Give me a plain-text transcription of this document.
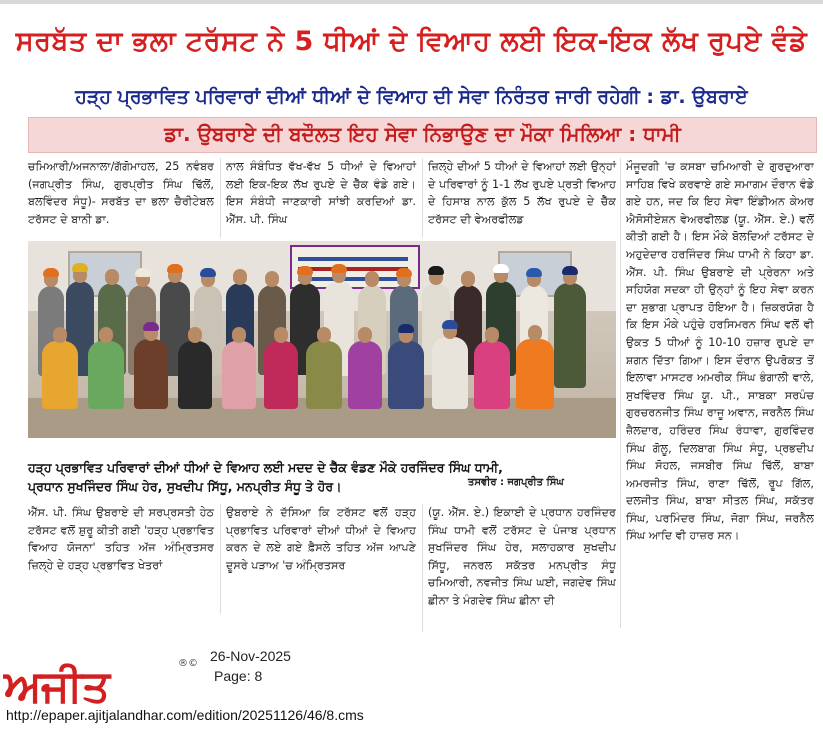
ਸਰਬੱਤ ਦਾ ਭਲਾ ਟਰੱਸਟ ਨੇ 5 ਧੀਆਂ ਦੇ ਵਿਆਹ ਲਈ ਇਕ-ਇਕ ਲੱਖ ਰੁਪਏ ਵੰਡੇ
ਹੜ੍ਹ ਪ੍ਰਭਾਵਿਤ ਪਰਿਵਾਰਾਂ ਦੀਆਂ ਧੀਆਂ ਦੇ ਵਿਆਹ ਦੀ ਸੇਵਾ ਨਿਰੰਤਰ ਜਾਰੀ ਰਹੇਗੀ : ਡਾ. ਉਬਰਾਏ
ਡਾ. ਉਬਰਾਏ ਦੀ ਬਦੌਲਤ ਇਹ ਸੇਵਾ ਨਿਭਾਉਣ ਦਾ ਮੌਕਾ ਮਿਲਿਆ : ਧਾਮੀ

ਚਮਿਆਰੀ/ਅਜਨਾਲਾ/ਗੱਗੋਮਾਹਲ, 25 ਨਵੰਬਰ (ਜਗਪ੍ਰੀਤ ਸਿੰਘ, ਗੁਰਪ੍ਰੀਤ ਸਿੰਘ ਢਿੱਲੋਂ, ਬਲਵਿੰਦਰ ਸੰਧੂ)- ਸਰਬੱਤ ਦਾ ਭਲਾ ਚੈਰੀਟੇਬਲ ਟਰੱਸਟ ਦੇ ਬਾਨੀ ਡਾ.

ਨਾਲ ਸੰਬੰਧਿਤ ਵੱਖ-ਵੱਖ 5 ਧੀਆਂ ਦੇ ਵਿਆਹਾਂ ਲਈ ਇਕ-ਇਕ ਲੱਖ ਰੁਪਏ ਦੇ ਚੈੱਕ ਵੰਡੇ ਗਏ। ਇਸ ਸੰਬੰਧੀ ਜਾਣਕਾਰੀ ਸਾਂਝੀ ਕਰਦਿਆਂ ਡਾ. ਐੱਸ. ਪੀ. ਸਿੰਘ

ਜ਼ਿਲ੍ਹੇ ਦੀਆਂ 5 ਧੀਆਂ ਦੇ ਵਿਆਹਾਂ ਲਈ ਉਨ੍ਹਾਂ ਦੇ ਪਰਿਵਾਰਾਂ ਨੂੰ 1-1 ਲੱਖ ਰੁਪਏ ਪ੍ਰਤੀ ਵਿਆਹ ਦੇ ਹਿਸਾਬ ਨਾਲ ਕੁੱਲ 5 ਲੱਖ ਰੁਪਏ ਦੇ ਚੈੱਕ ਟਰੱਸਟ ਦੀ ਵੇਅਰਫੀਲਡ

ਮੌਜੂਦਗੀ 'ਚ ਕਸਬਾ ਚਮਿਆਰੀ ਦੇ ਗੁਰਦੁਆਰਾ ਸਾਹਿਬ ਵਿਖੇ ਕਰਵਾਏ ਗਏ ਸਮਾਗਮ ਦੌਰਾਨ ਵੰਡੇ ਗਏ ਹਨ, ਜਦ ਕਿ ਇਹ ਸੇਵਾ ਇੰਡੀਅਨ ਕੇਅਰ ਐਸੋਸੀਏਸ਼ਨ ਵੇਅਰਫੀਲਡ (ਯੂ. ਐੱਸ. ਏ.) ਵਲੋਂ ਕੀਤੀ ਗਈ ਹੈ। ਇਸ ਮੌਕੇ ਬੋਲਦਿਆਂ ਟਰੱਸਟ ਦੇ ਅਹੁਦੇਦਾਰ ਹਰਜਿੰਦਰ ਸਿੰਘ ਧਾਮੀ ਨੇ ਕਿਹਾ ਡਾ. ਐੱਸ. ਪੀ. ਸਿੰਘ ਉਬਰਾਏ ਦੀ ਪ੍ਰੇਰਨਾ ਅਤੇ ਸਹਿਯੋਗ ਸਦਕਾ ਹੀ ਉਨ੍ਹਾਂ ਨੂੰ ਇਹ ਸੇਵਾ ਕਰਨ ਦਾ ਸੁਭਾਗ ਪ੍ਰਾਪਤ ਹੋਇਆ ਹੈ। ਜ਼ਿਕਰਯੋਗ ਹੈ ਕਿ ਇਸ ਮੌਕੇ ਪਹੁੰਚੇ ਹਰਸਿਮਰਨ ਸਿੰਘ ਵਲੋਂ ਵੀ ਉਕਤ 5 ਧੀਆਂ ਨੂੰ 10-10 ਹਜ਼ਾਰ ਰੁਪਏ ਦਾ ਸ਼ਗਨ ਦਿੱਤਾ ਗਿਆ। ਇਸ ਦੌਰਾਨ ਉਪਰੋਕਤ ਤੋਂ ਇਲਾਵਾ ਮਾਸਟਰ ਅਮਰੀਕ ਸਿੰਘ ਭੰਗਾਲੀ ਵਾਲੇ, ਸੁਖਵਿੰਦਰ ਸਿੰਘ ਯੂ. ਪੀ., ਸਾਬਕਾ ਸਰਪੰਚ ਗੁਰਚਰਨਜੀਤ ਸਿੰਘ ਰਾਜੂ ਅਵਾਨ, ਜਰਨੈਲ ਸਿੰਘ ਜ਼ੈਲਦਾਰ, ਹਰਿੰਦਰ ਸਿੰਘ ਰੰਧਾਵਾ, ਗੁਰਵਿੰਦਰ ਸਿੰਘ ਗੋਲੂ, ਦਿਲਬਾਗ ਸਿੰਘ ਸੰਧੂ, ਪ੍ਰਭਦੀਪ ਸਿੰਘ ਸੋਹਲ, ਜਸਬੀਰ ਸਿੰਘ ਢਿੱਲੋਂ, ਬਾਬਾ ਅਮਰਜੀਤ ਸਿੰਘ, ਰਾਣਾ ਢਿੱਲੋਂ, ਰੂਪ ਗਿੱਲ, ਦਲਜੀਤ ਸਿੰਘ, ਬਾਬਾ ਸੀਤਲ ਸਿੰਘ, ਸਕੱਤਰ ਸਿੰਘ, ਪਰਮਿੰਦਰ ਸਿੰਘ, ਜੋਗਾ ਸਿੰਘ, ਜਰਨੈਲ ਸਿੰਘ ਆਦਿ ਵੀ ਹਾਜ਼ਰ ਸਨ।

ਹੜ੍ਹ ਪ੍ਰਭਾਵਿਤ ਪਰਿਵਾਰਾਂ ਦੀਆਂ ਧੀਆਂ ਦੇ ਵਿਆਹ ਲਈ ਮਦਦ ਦੇ ਚੈੱਕ ਵੰਡਣ ਮੌਕੇ ਹਰਜਿੰਦਰ ਸਿੰਘ ਧਾਮੀ,
ਪ੍ਰਧਾਨ ਸੁਖਜਿੰਦਰ ਸਿੰਘ ਹੇਰ, ਸੁਖਦੀਪ ਸਿੱਧੂ, ਮਨਪ੍ਰੀਤ ਸੰਧੂ ਤੇ ਹੋਰ।	ਤਸਵੀਰ : ਜਗਪ੍ਰੀਤ ਸਿੰਘ

ਐੱਸ. ਪੀ. ਸਿੰਘ ਉਬਰਾਏ ਦੀ ਸਰਪ੍ਰਸਤੀ ਹੇਠ ਟਰੱਸਟ ਵਲੋਂ ਸ਼ੁਰੂ ਕੀਤੀ ਗਈ 'ਹੜ੍ਹ ਪ੍ਰਭਾਵਿਤ ਵਿਆਹ ਯੋਜਨਾ' ਤਹਿਤ ਅੱਜ ਅੰਮ੍ਰਿਤਸਰ ਜ਼ਿਲ੍ਹੇ ਦੇ ਹੜ੍ਹ ਪ੍ਰਭਾਵਿਤ ਖੇਤਰਾਂ

ਉਬਰਾਏ ਨੇ ਦੱਸਿਆ ਕਿ ਟਰੱਸਟ ਵਲੋਂ ਹੜ੍ਹ ਪ੍ਰਭਾਵਿਤ ਪਰਿਵਾਰਾਂ ਦੀਆਂ ਧੀਆਂ ਦੇ ਵਿਆਹ ਕਰਨ ਦੇ ਲਏ ਗਏ ਫ਼ੈਸਲੇ ਤਹਿਤ ਅੱਜ ਆਪਣੇ ਦੂਸਰੇ ਪੜਾਅ 'ਚ ਅੰਮ੍ਰਿਤਸਰ

(ਯੂ. ਐੱਸ. ਏ.) ਇਕਾਈ ਦੇ ਪ੍ਰਧਾਨ ਹਰਜਿੰਦਰ ਸਿੰਘ ਧਾਮੀ ਵਲੋਂ ਟਰੱਸਟ ਦੇ ਪੰਜਾਬ ਪ੍ਰਧਾਨ ਸੁਖਜਿੰਦਰ ਸਿੰਘ ਹੇਰ, ਸਲਾਹਕਾਰ ਸੁਖਦੀਪ ਸਿੱਧੂ, ਜਨਰਲ ਸਕੱਤਰ ਮਨਪ੍ਰੀਤ ਸੰਧੂ ਚਮਿਆਰੀ, ਨਵਜੀਤ ਸਿੰਘ ਘਈ, ਜਗਦੇਵ ਸਿੰਘ ਛੀਨਾ ਤੇ ਮੰਗਦੇਵ ਸਿੰਘ ਛੀਨਾ ਦੀ

ਅਜੀਤ	®© 26-Nov-2025
Page: 8
http://epaper.ajitjalandhar.com/edition/20251126/46/8.cms
